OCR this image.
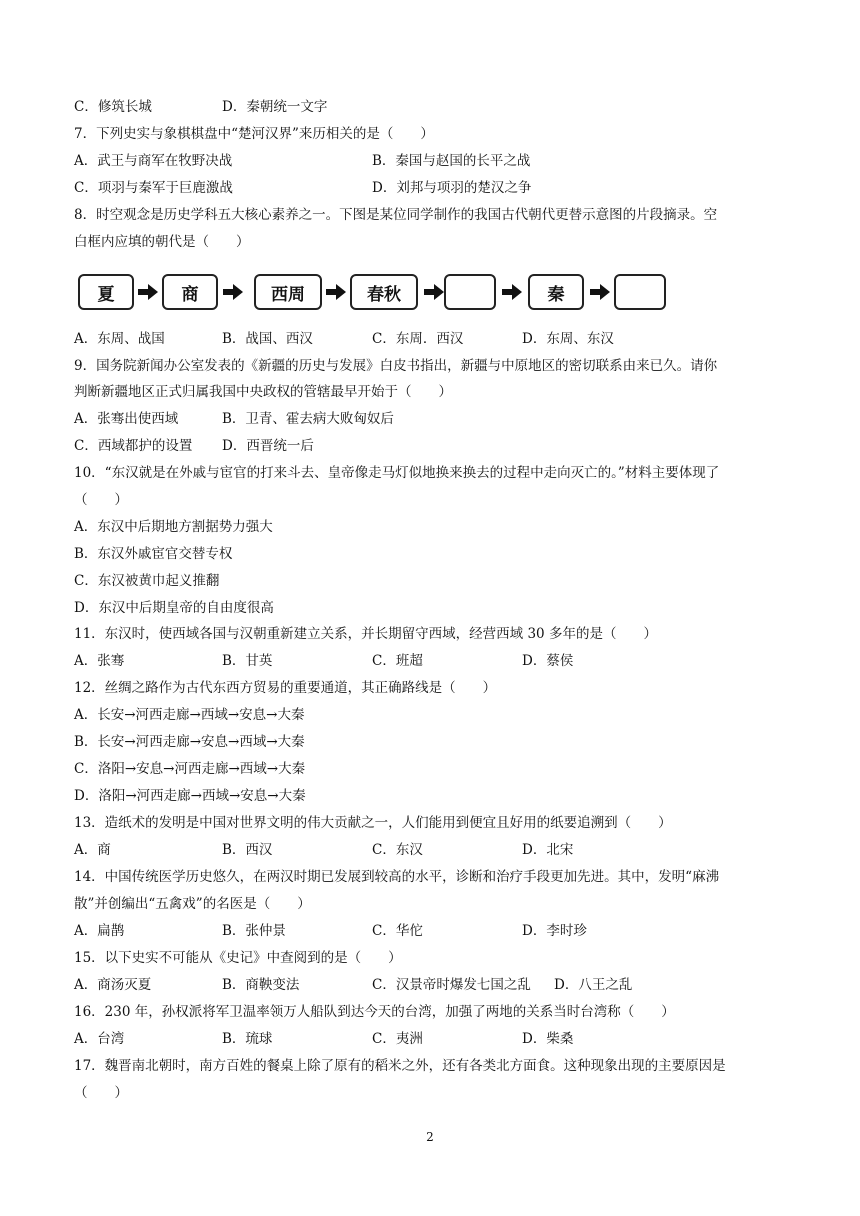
C．修筑长城	D．秦朝统一文字
7．下列史实与象棋棋盘中“楚河汉界”来历相关的是（　　）
A．武王与商军在牧野决战	B．秦国与赵国的长平之战
C．项羽与秦军于巨鹿激战	D．刘邦与项羽的楚汉之争
8．时空观念是历史学科五大核心素养之一。下图是某位同学制作的我国古代朝代更替示意图的片段摘录。空
白框内应填的朝代是（　　）
夏	商	西周	春秋	秦
A．东周、战国	B．战国、西汉	C．东周．西汉	D．东周、东汉
9．国务院新闻办公室发表的《新疆的历史与发展》白皮书指出，新疆与中原地区的密切联系由来已久。请你
判断新疆地区正式归属我国中央政权的管辖最早开始于（　　）
A．张骞出使西域	B．卫青、霍去病大败匈奴后
C．西域都护的设置 D．西晋统一后
10．“东汉就是在外戚与宦官的打来斗去、皇帝像走马灯似地换来换去的过程中走向灭亡的。”材料主要体现了
（　　）
A．东汉中后期地方割据势力强大
B．东汉外戚宦官交替专权
C．东汉被黄巾起义推翻
D．东汉中后期皇帝的自由度很高
11．东汉时，使西域各国与汉朝重新建立关系，并长期留守西域，经营西域 30 多年的是（　　）
A．张骞	B．甘英	C．班超	D．蔡侯
12．丝绸之路作为古代东西方贸易的重要通道，其正确路线是（　　）
A．长安→河西走廊→西域→安息→大秦
B．长安→河西走廊→安息→西域→大秦
C．洛阳→安息→河西走廊→西域→大秦
D．洛阳→河西走廊→西域→安息→大秦
13．造纸术的发明是中国对世界文明的伟大贡献之一，人们能用到便宜且好用的纸要追溯到（　　）
A．商	B．西汉	C．东汉	D．北宋
14．中国传统医学历史悠久，在两汉时期已发展到较高的水平，诊断和治疗手段更加先进。其中，发明“麻沸
散”并创编出“五禽戏”的名医是（　　）
A．扁鹊	B．张仲景	C．华佗	D．李时珍
15．以下史实不可能从《史记》中查阅到的是（　　）
A．商汤灭夏	B．商鞅变法	C．汉景帝时爆发七国之乱 D．八王之乱
16．230 年，孙权派将军卫温率领万人船队到达今天的台湾，加强了两地的关系当时台湾称（　　）
A．台湾	B．琉球	C．夷洲	D．柴桑
17．魏晋南北朝时，南方百姓的餐桌上除了原有的稻米之外，还有各类北方面食。这种现象出现的主要原因是
（　　）
2
